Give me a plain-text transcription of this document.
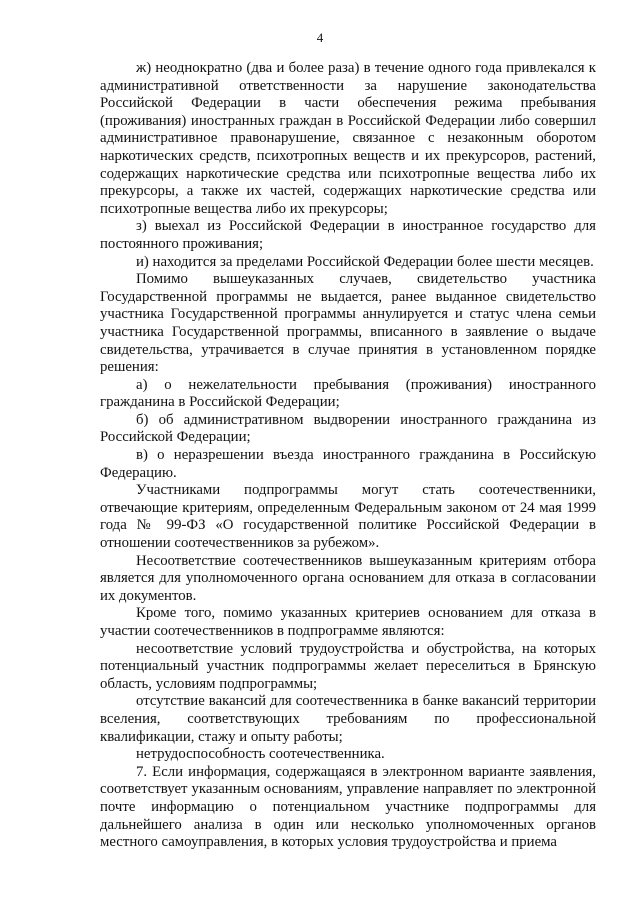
4

ж) неоднократно (два и более раза) в течение одного года привлекался к административной ответственности за нарушение законодательства Российской Федерации в части обеспечения режима пребывания (проживания) иностранных граждан в Российской Федерации либо совершил административное правонарушение, связанное с незаконным оборотом наркотических средств, психотропных веществ и их прекурсоров, растений, содержащих наркотические средства или психотропные вещества либо их прекурсоры, а также их частей, содержащих наркотические средства или психотропные вещества либо их прекурсоры;

з) выехал из Российской Федерации в иностранное государство для постоянного проживания;

и) находится за пределами Российской Федерации более шести месяцев.

Помимо вышеуказанных случаев, свидетельство участника Государственной программы не выдается, ранее выданное свидетельство участника Государственной программы аннулируется и статус члена семьи участника Государственной программы, вписанного в заявление о выдаче свидетельства, утрачивается в случае принятия в установленном порядке решения:

а) о нежелательности пребывания (проживания) иностранного гражданина в Российской Федерации;

б) об административном выдворении иностранного гражданина из Российской Федерации;

в) о неразрешении въезда иностранного гражданина в Российскую Федерацию.

Участниками подпрограммы могут стать соотечественники, отвечающие критериям, определенным Федеральным законом от 24 мая 1999 года № 99-ФЗ «О государственной политике Российской Федерации в отношении соотечественников за рубежом».

Несоответствие соотечественников вышеуказанным критериям отбора является для уполномоченного органа основанием для отказа в согласовании их документов.

Кроме того, помимо указанных критериев основанием для отказа в участии соотечественников в подпрограмме являются:

несоответствие условий трудоустройства и обустройства, на которых потенциальный участник подпрограммы желает переселиться в Брянскую область, условиям подпрограммы;

отсутствие вакансий для соотечественника в банке вакансий территории вселения, соответствующих требованиям по профессиональной квалификации, стажу и опыту работы;

нетрудоспособность соотечественника.

7. Если информация, содержащаяся в электронном варианте заявления, соответствует указанным основаниям, управление направляет по электронной почте информацию о потенциальном участнике подпрограммы для дальнейшего анализа в один или несколько уполномоченных органов местного самоуправления, в которых условия трудоустройства и приема
